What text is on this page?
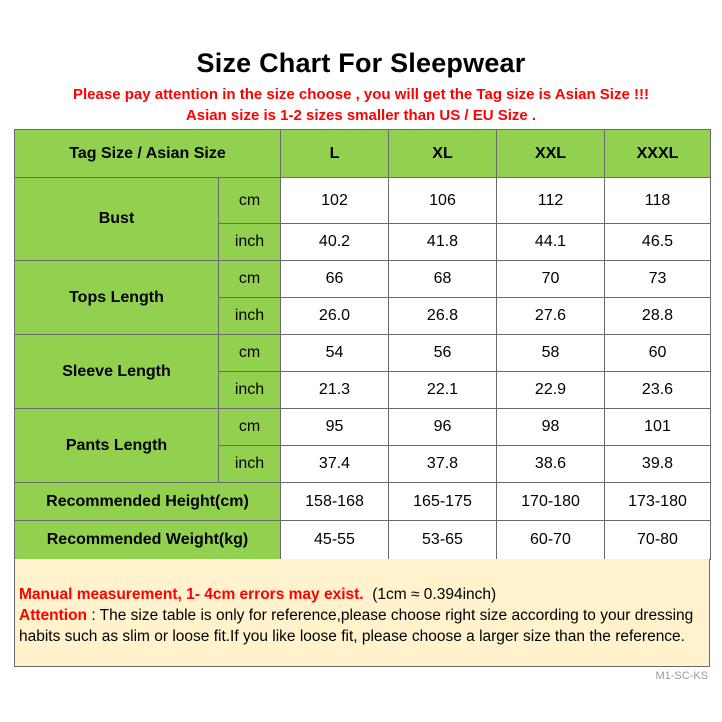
Size Chart For Sleepwear
Please pay attention in the size choose , you will get the Tag size is Asian Size !!!
Asian size is 1-2 sizes smaller than US / EU Size .
Tag Size / Asian Size		L	XL	XXL	XXXL
Bust	cm	102	106	112	118
	inch	40.2	41.8	44.1	46.5
Tops Length	cm	66	68	70	73
	inch	26.0	26.8	27.6	28.8
Sleeve Length	cm	54	56	58	60
	inch	21.3	22.1	22.9	23.6
Pants Length	cm	95	96	98	101
	inch	37.4	37.8	38.6	39.8
Recommended Height(cm)		158-168	165-175	170-180	173-180
Recommended Weight(kg)		45-55	53-65	60-70	70-80
Manual measurement, 1- 4cm errors may exist. (1cm ≈ 0.394inch)
Attention : The size table is only for reference,please choose right size according to your dressing habits such as slim or loose fit.If you like loose fit, please choose a larger size than the reference.
M1-SC-KS
